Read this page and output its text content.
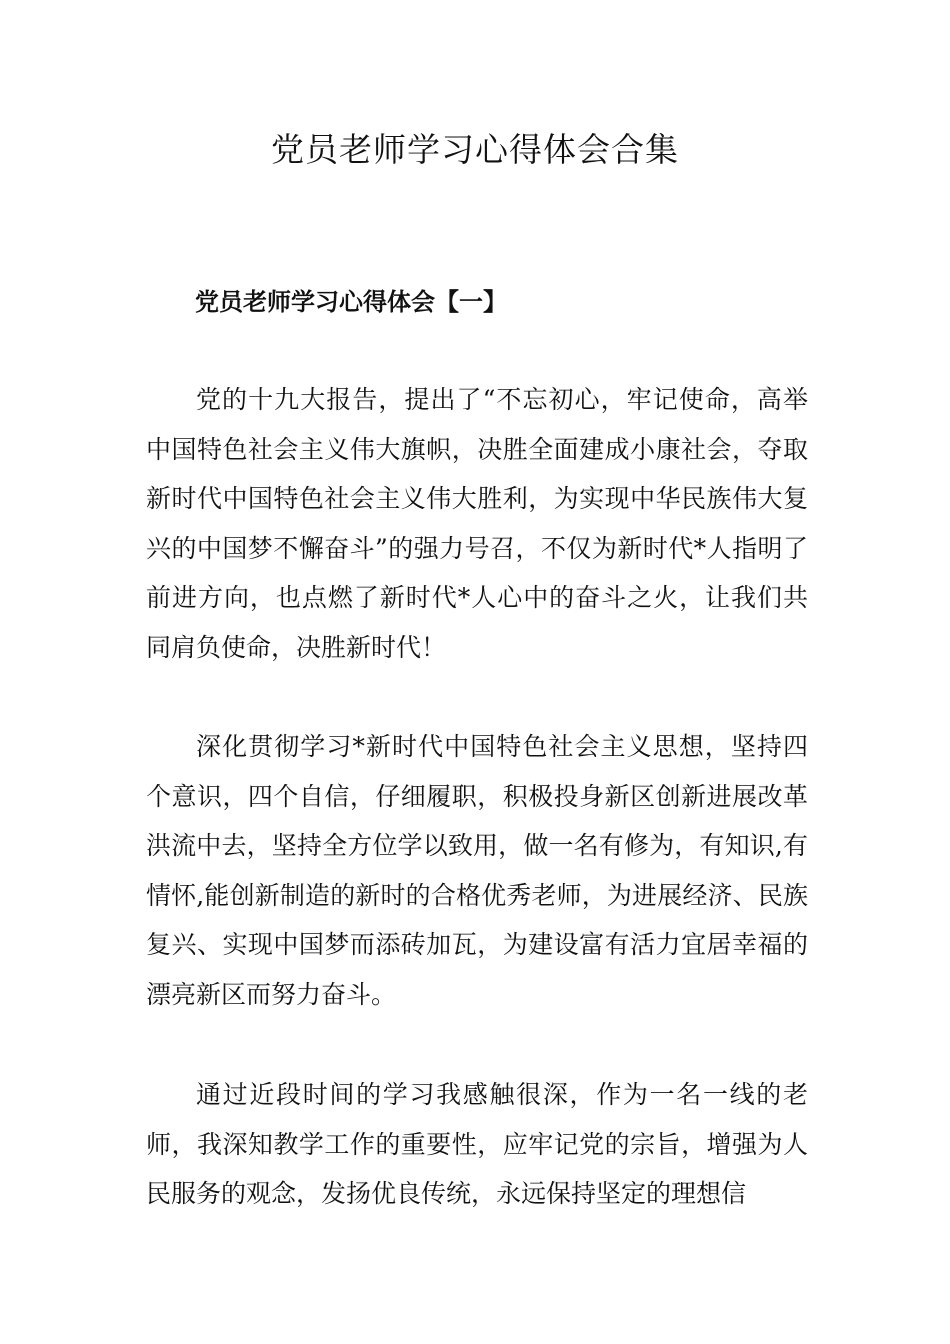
党员老师学习心得体会合集
党员老师学习心得体会【一】

党的十九大报告，提出了“不忘初心，牢记使命，高举中国特色社会主义伟大旗帜，决胜全面建成小康社会，夺取新时代中国特色社会主义伟大胜利，为实现中华民族伟大复兴的中国梦不懈奋斗”的强力号召，不仅为新时代*人指明了前进方向，也点燃了新时代*人心中的奋斗之火，让我们共同肩负使命，决胜新时代！

深化贯彻学习*新时代中国特色社会主义思想，坚持四个意识，四个自信，仔细履职，积极投身新区创新进展改革洪流中去，坚持全方位学以致用，做一名有修为，有知识,有情怀,能创新制造的新时的合格优秀老师，为进展经济、民族复兴、实现中国梦而添砖加瓦，为建设富有活力宜居幸福的漂亮新区而努力奋斗。

通过近段时间的学习我感触很深，作为一名一线的老师，我深知教学工作的重要性，应牢记党的宗旨，增强为人民服务的观念，发扬优良传统，永远保持坚定的理想信
